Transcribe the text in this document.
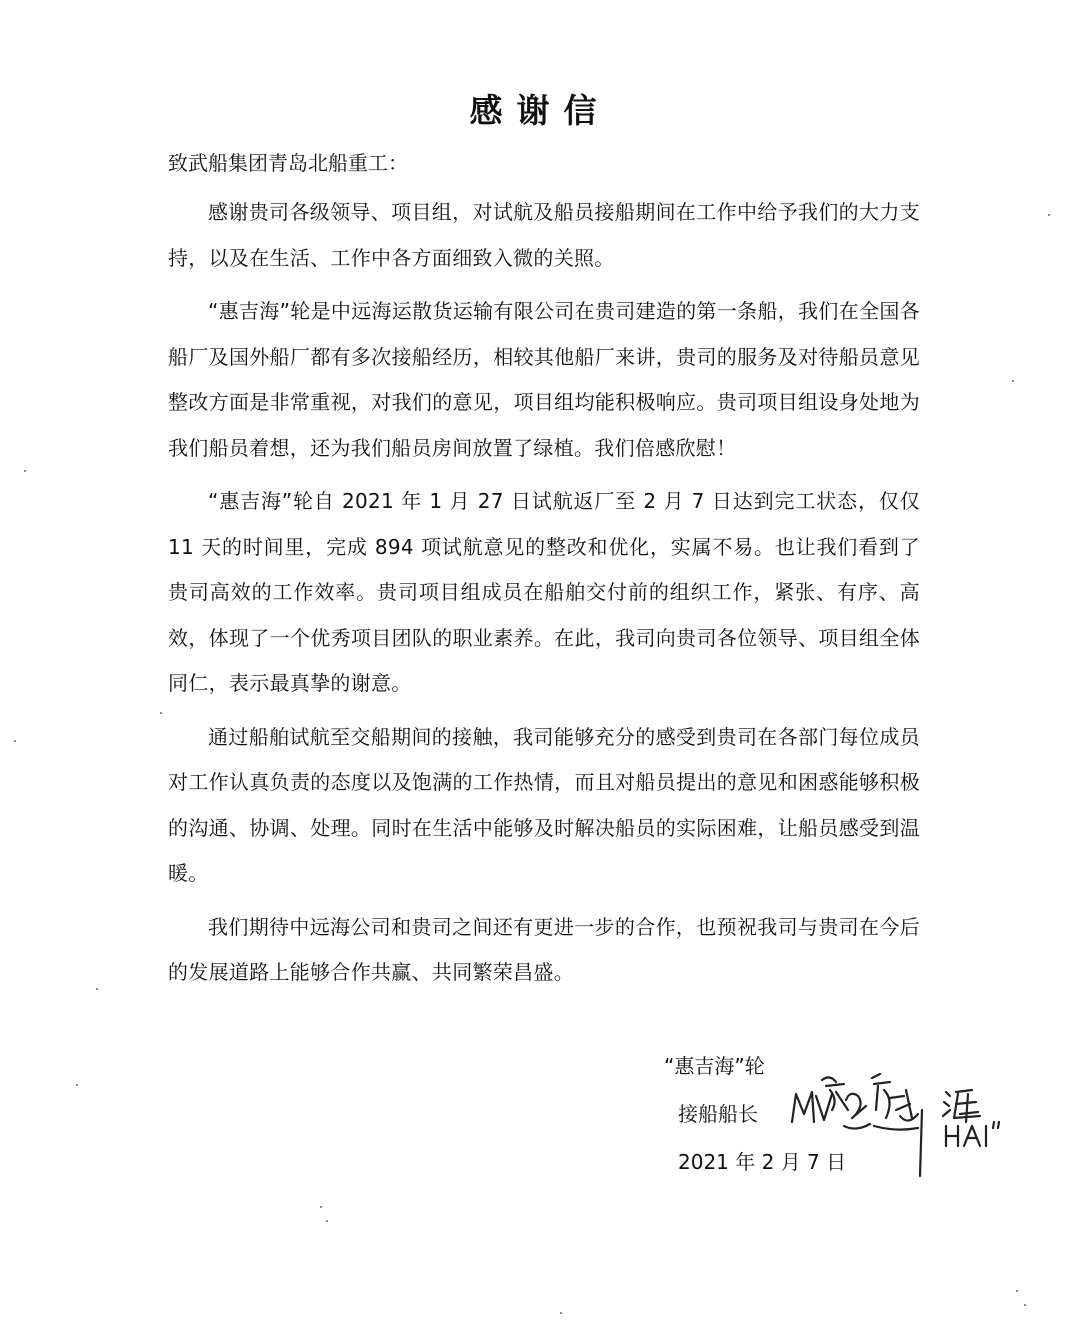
感谢信
致武船集团青岛北船重工：

感谢贵司各级领导、项目组，对试航及船员接船期间在工作中给予我们的大力支持，以及在生活、工作中各方面细致入微的关照。

“惠吉海”轮是中远海运散货运输有限公司在贵司建造的第一条船，我们在全国各船厂及国外船厂都有多次接船经历，相较其他船厂来讲，贵司的服务及对待船员意见整改方面是非常重视，对我们的意见，项目组均能积极响应。贵司项目组设身处地为我们船员着想，还为我们船员房间放置了绿植。我们倍感欣慰！

“惠吉海”轮自 2021 年 1 月 27 日试航返厂至 2 月 7 日达到完工状态，仅仅 11 天的时间里，完成 894 项试航意见的整改和优化，实属不易。也让我们看到了贵司高效的工作效率。贵司项目组成员在船舶交付前的组织工作，紧张、有序、高效，体现了一个优秀项目团队的职业素养。在此，我司向贵司各位领导、项目组全体同仁，表示最真挚的谢意。

通过船舶试航至交船期间的接触，我司能够充分的感受到贵司在各部门每位成员对工作认真负责的态度以及饱满的工作热情，而且对船员提出的意见和困惑能够积极的沟通、协调、处理。同时在生活中能够及时解决船员的实际困难，让船员感受到温暖。

我们期待中远海公司和贵司之间还有更进一步的合作，也预祝我司与贵司在今后的发展道路上能够合作共赢、共同繁荣昌盛。

“惠吉海”轮
接船船长
2021 年 2 月 7 日
